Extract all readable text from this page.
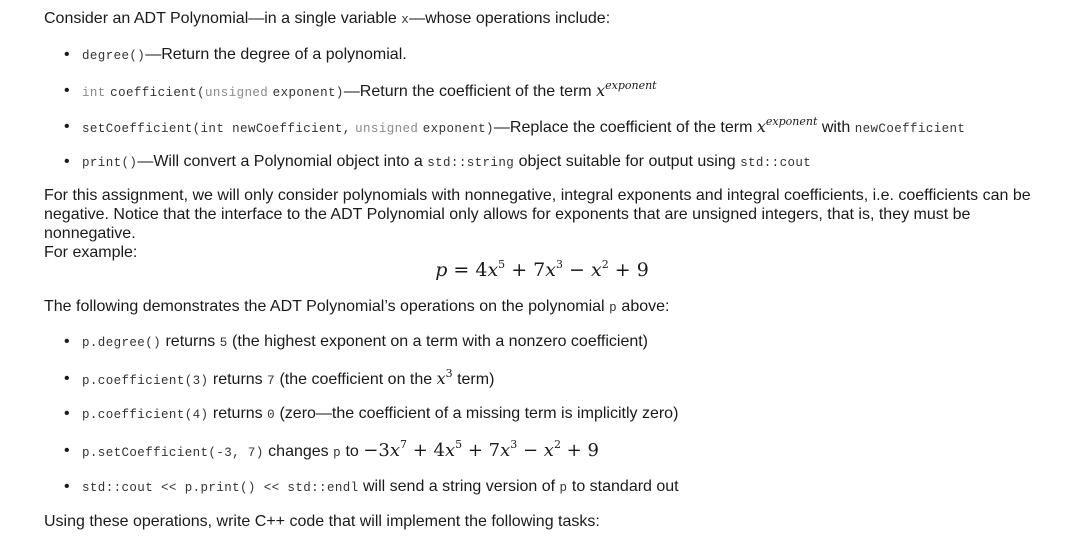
Consider an ADT Polynomial—in a single variable x—whose operations include:

• degree()—Return the degree of a polynomial.
• int coefficient(unsigned exponent)—Return the coefficient of the term $x^{exponent}$
• setCoefficient(int newCoefficient, unsigned exponent)—Replace the coefficient of the term $x^{exponent}$ with newCoefficient
• print()—Will convert a Polynomial object into a std::string object suitable for output using std::cout
For this assignment, we will only consider polynomials with nonnegative, integral exponents and integral coefficients, i.e. coefficients can be
negative. Notice that the interface to the ADT Polynomial only allows for exponents that are unsigned integers, that is, they must be nonnegative.
For example:
$p = 4x^5 + 7x^3 - x^2 + 9$

The following demonstrates the ADT Polynomial’s operations on the polynomial p above:

• p.degree() returns 5 (the highest exponent on a term with a nonzero coefficient)
• p.coefficient(3) returns 7 (the coefficient on the $x^3$ term)
• p.coefficient(4) returns 0 (zero—the coefficient of a missing term is implicitly zero)
• p.setCoefficient(-3, 7) changes p to $-3x^7 + 4x^5 + 7x^3 - x^2 + 9$
• std::cout << p.print() << std::endl will send a string version of p to standard out

Using these operations, write C++ code that will implement the following tasks:
